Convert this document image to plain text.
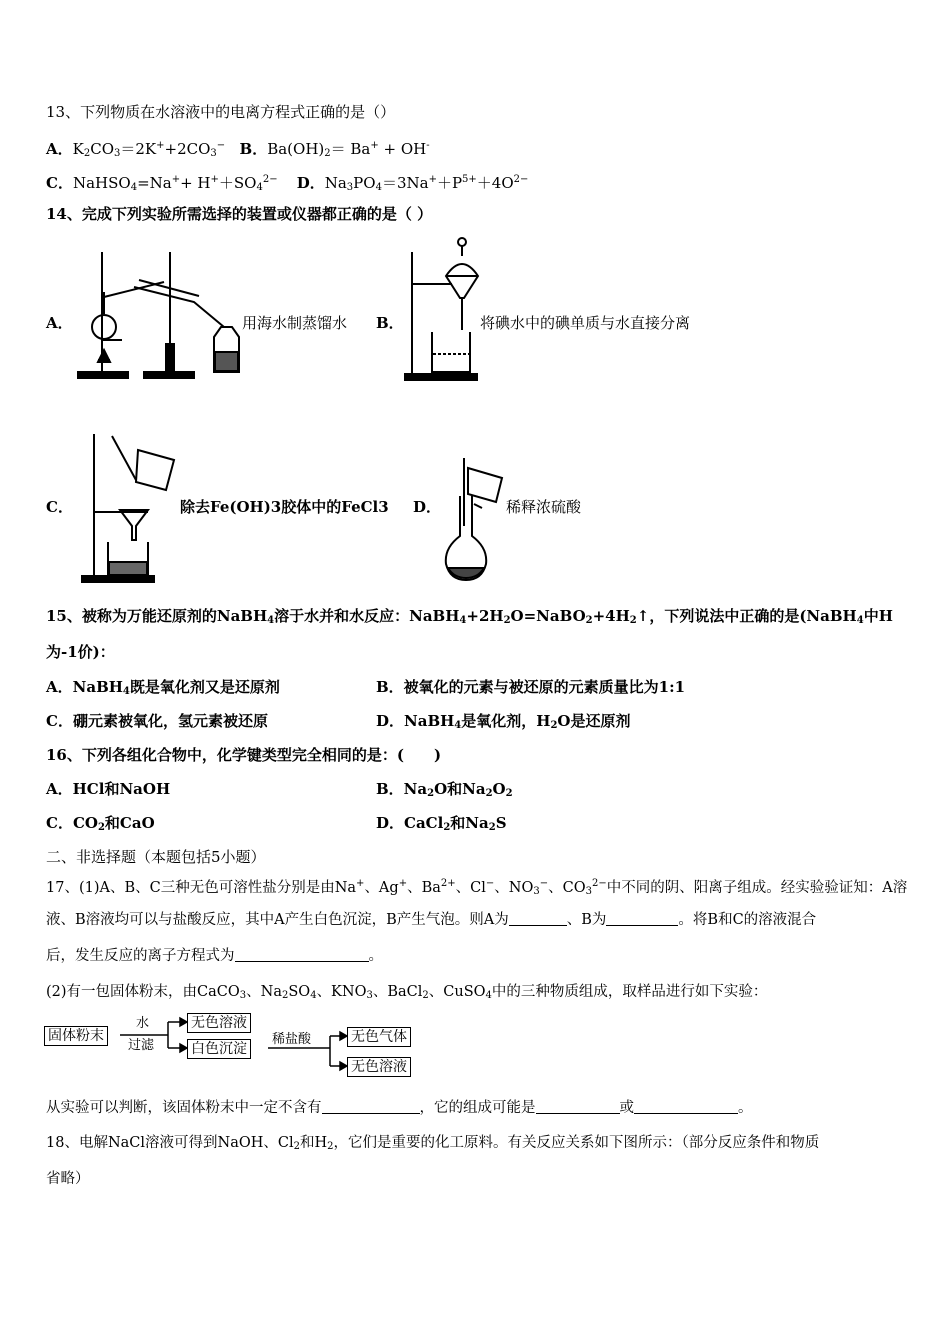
13、下列物质在水溶液中的电离方程式正确的是（）
A．$K_2CO_3=2K^++2CO_3^-$ B．$Ba(OH)_2= Ba^+ + OH^-$
C．NaHSO$_4$=Na++ $H^++SO_4^{2-}$ D．$Na_3PO_4=3Na^++P^{5+}+4O^{2-}$
14、完成下列实验所需选择的装置或仪器都正确的是（ ）
A．	用海水制蒸馏水 B．	将碘水中的碘单质与水直接分离
C．	除去Fe(OH)3胶体中的FeCl3 D．	稀释浓硫酸
15、被称为万能还原剂的NaBH$_4$溶于水并和水反应：$NaBH_4+2H_2O=NaBO_2+4H_2↑$，下列说法中正确的是(NaBH$_4$中H
为-1价)：
A．NaBH$_4$既是氧化剂又是还原剂	B．被氧化的元素与被还原的元素质量比为1:1
C．硼元素被氧化，氢元素被还原	D．NaBH$_4$是氧化剂，$H_2O$是还原剂
16、下列各组化合物中，化学键类型完全相同的是：(　　)
A．HCl和NaOH	B．$Na_2O$和$Na_2O_2$
C．$CO_2$和CaO	D．CaCl$_2$和$Na_2S$
二、非选择题（本题包括5小题）
17、(1)A、B、C三种无色可溶性盐分别是由Na+、Ag+、$Ba^{2+}$、Cl−、$NO_3^-$、$CO_3^{2-}$中不同的阴、阳离子组成。经实验验证知：A溶
液、B溶液均可以与盐酸反应，其中A产生白色沉淀，B产生气泡。则A为	、B为	。将B和C的溶液混合
后，发生反应的离子方程式为	。
(2)有一包固体粉末，由CaCO$_3$、$Na_2SO_4$、$KNO_3$、BaCl$_2$、CuSO$_4$中的三种物质组成，取样品进行如下实验：
固体粉末
水
过滤
无色溶液
白色沉淀
稀盐酸	无色气体
无色溶液
从实验可以判断，该固体粉末中一定不含有	，它的组成可能是	或	。
18、电解NaCl溶液可得到NaOH、$Cl_2$和$H_2$，它们是重要的化工原料。有关反应关系如下图所示：（部分反应条件和物质
省略）
